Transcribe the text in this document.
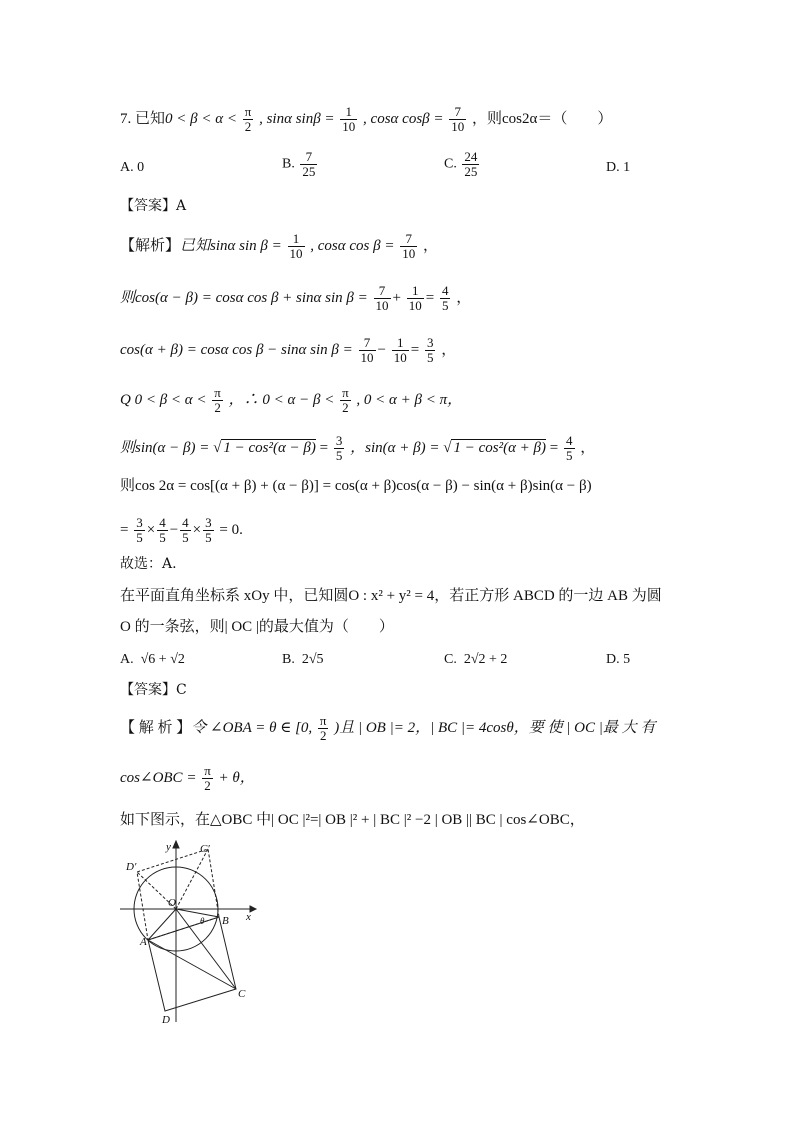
7. 已知$0 < \beta < \alpha < \frac{\pi}{2}$ , sinα $\sin\beta = \frac{1}{10}$ , cosα $\cos\beta = \frac{7}{10}$ ，则cos2α＝（　　）
A. 0	B. $\frac{7}{25}$	C. $\frac{24}{25}$	D. 1
【答案】A
【解析】已知sinα $\sin \beta = \frac{1}{10}$ , cosα $\cos \beta = \frac{7}{10}$ ，
则cos(α − β) = cosα cos β + sinα $\sin \beta = \frac{7}{10} + \frac{1}{10} = \frac{4}{5}$ ，
cos(α + β) = cosα cos β − sinα $\sin \beta = \frac{7}{10} - \frac{1}{10} = \frac{3}{5}$ ，
Q $0 < \beta < \alpha < \frac{\pi}{2}$ ，∴ $0 < \alpha - \beta < \frac{\pi}{2}$ , 0 < α + β < π，
则sin(α − β) = √ $1 - \cos^2(\alpha - \beta) = \frac{3}{5}$ ，sin(α + β) = √ $1 - \cos^2(\alpha + \beta) = \frac{4}{5}$ ，
则cos 2α = cos[(α + β) + (α − β)] = cos(α + β)cos(α − β) − sin(α + β)sin(α − β)
= $\frac{3}{5} \times \frac{4}{5} - \frac{4}{5} \times \frac{3}{5} = 0$.
故选：A.
在平面直角坐标系 xOy 中，已知圆O : x² + y² = 4，若正方形 ABCD 的一边 AB 为圆
O 的一条弦，则| OC |的最大值为（　　）
A. √6 + √2	B. 2√5	C. 2√2 + 2	D. 5
【答案】C
【 解 析 】令 ∠OBA = θ ∈ [0, $\frac{\pi}{2}$ )且 | OB |= 2，| BC |= 4cosθ，要 使 | OC |最 大 有
cos∠OBC = $\frac{\pi}{2} + \theta$，
如下图示，在△OBC 中| OC |²=| OB |² + | BC |² −2 | OB || BC | cos∠OBC，
y
x
O
A
B
C
D
C′
D′
θ
